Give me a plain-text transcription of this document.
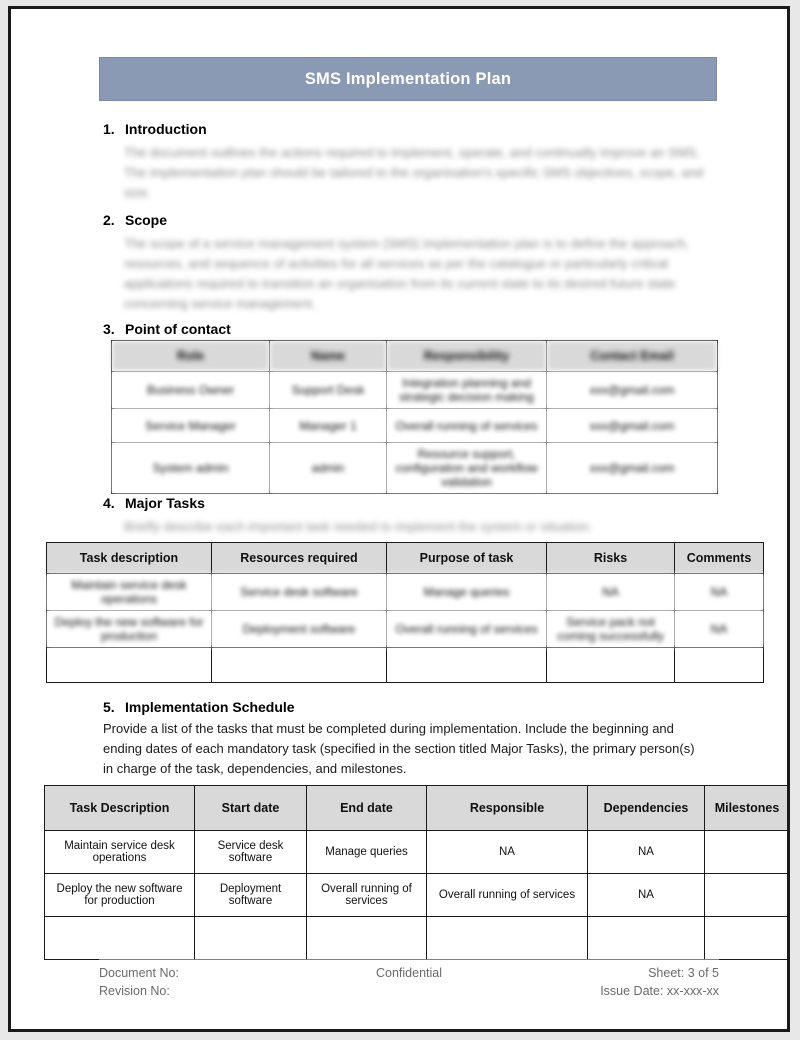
SMS Implementation Plan
1. Introduction
The document outlines the actions required to implement, operate, and continually improve an SMS.
The implementation plan should be tailored to the organisation's specific SMS objectives, scope, and
size.
2. Scope
The scope of a service management system (SMS) implementation plan is to define the approach,
resources, and sequence of activities for all services as per the catalogue or particularly critical
applications required to transition an organisation from its current state to its desired future state
concerning service management.
3. Point of contact
Role	Name	Responsibility	Contact Email
Business Owner	Support Desk	Integration planning and strategic decision making	xxx@gmail.com
Service Manager	Manager 1	Overall running of services	xxx@gmail.com
System admin	admin	Resource support, configuration and workflow validation	xxx@gmail.com
4. Major Tasks
Briefly describe each important task needed to implement the system or situation.
Task description	Resources required	Purpose of task	Risks	Comments
Maintain service desk operations	Service desk software	Manage queries	NA	NA
Deploy the new software for production	Deployment software	Overall running of services	Service pack not coming successfully	NA

5. Implementation Schedule
Provide a list of the tasks that must be completed during implementation. Include the beginning and
ending dates of each mandatory task (specified in the section titled Major Tasks), the primary person(s)
in charge of the task, dependencies, and milestones.
Task Description	Start date	End date	Responsible	Dependencies	Milestones
Maintain service desk operations	Service desk software	Manage queries	NA	NA	
Deploy the new software for production	Deployment software	Overall running of services	Overall running of services	NA	

Document No:	Confidential	Sheet: 3 of 5
Revision No:	Issue Date: xx-xxx-xx
